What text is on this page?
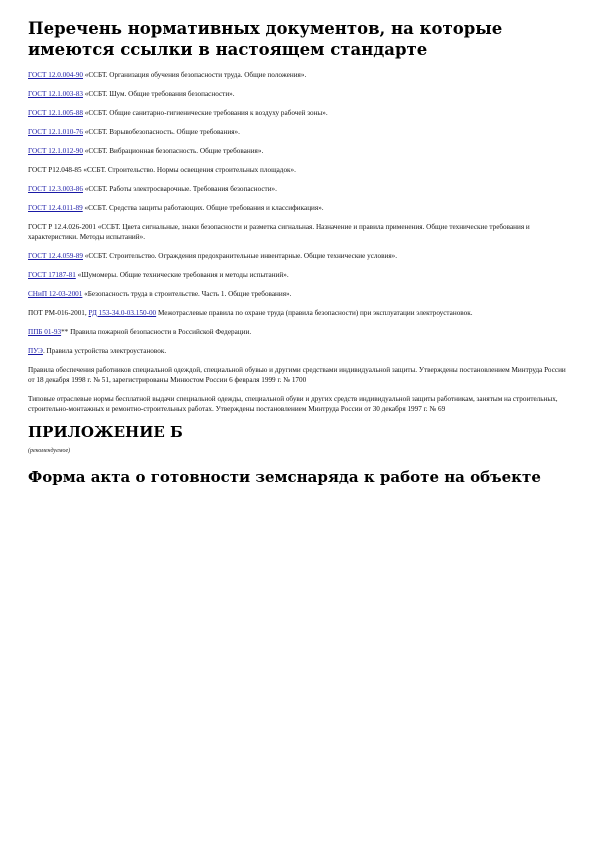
Перечень нормативных документов, на которые имеются ссылки в настоящем стандарте
ГОСТ 12.0.004-90 «ССБТ. Организация обучения безопасности труда. Общие положения».
ГОСТ 12.1.003-83 «ССБТ. Шум. Общие требования безопасности».
ГОСТ 12.1.005-88 «ССБТ. Общие санитарно-гигиенические требования к воздуху рабочей зоны».
ГОСТ 12.1.010-76 «ССБТ. Взрывобезопасность. Общие требования».
ГОСТ 12.1.012-90 «ССБТ. Вибрационная безопасность. Общие требования».
ГОСТ Р12.048-85 «ССБТ. Строительство. Нормы освещения строительных площадок».
ГОСТ 12.3.003-86 «ССБТ. Работы электросварочные. Требования безопасности».
ГОСТ 12.4.011-89 «ССБТ. Средства защиты работающих. Общие требования и классификация».
ГОСТ Р 12.4.026-2001 «ССБТ. Цвета сигнальные, знаки безопасности и разметка сигнальная. Назначение и правила применения. Общие технические требования и характеристики. Методы испытаний».
ГОСТ 12.4.059-89 «ССБТ. Строительство. Ограждения предохранительные инвентарные. Общие технические условия».
ГОСТ 17187-81 «Шумомеры. Общие технические требования и методы испытаний».
СНиП 12-03-2001 «Безопасность труда в строительстве. Часть 1. Общие требования».
ПОТ РМ-016-2001, РД 153-34.0-03.150-00 Межотраслевые правила по охране труда (правила безопасности) при эксплуатации электроустановок.
ППБ 01-93** Правила пожарной безопасности в Российской Федерации.
ПУЭ. Правила устройства электроустановок.
Правила обеспечения работников специальной одеждой, специальной обувью и другими средствами индивидуальной защиты. Утверждены постановлением Минтруда России от 18 декабря 1998 г. № 51, зарегистрированы Минюстом России 6 февраля 1999 г. № 1700
Типовые отраслевые нормы бесплатной выдачи специальной одежды, специальной обуви и других средств индивидуальной защиты работникам, занятым на строительных, строительно-монтажных и ремонтно-строительных работах. Утверждены постановлением Минтруда России от 30 декабря 1997 г. № 69
ПРИЛОЖЕНИЕ Б
(рекомендуемое)
Форма акта о готовности земснаряда к работе на объекте
